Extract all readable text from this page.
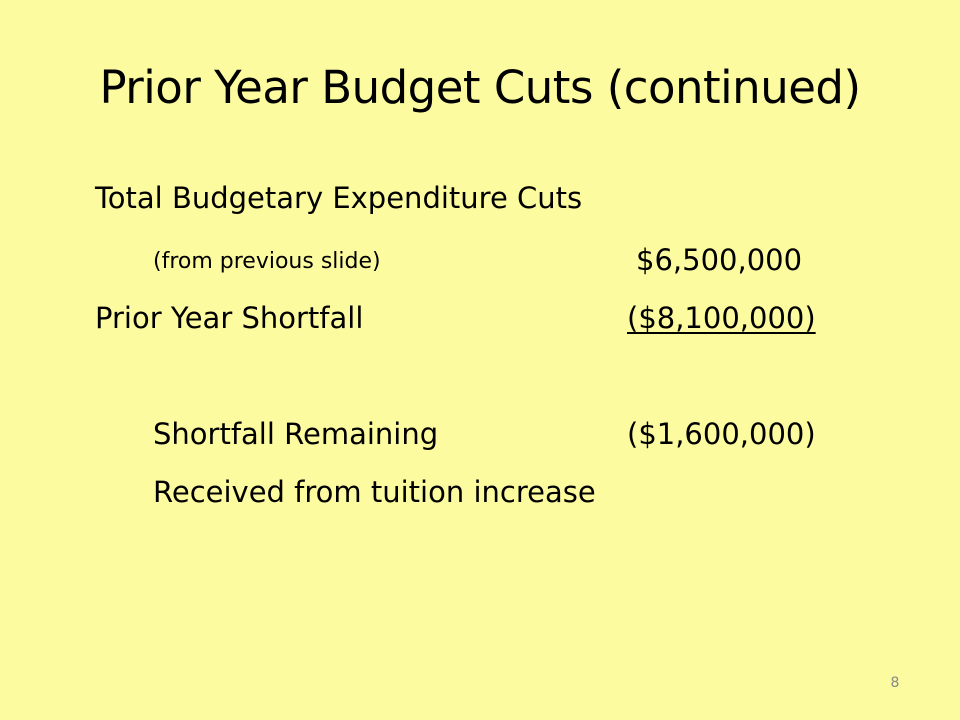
Prior Year Budget Cuts (continued)
Total Budgetary Expenditure Cuts
(from previous slide)	$6,500,000
Prior Year Shortfall	($8,100,000)
Shortfall Remaining	($1,600,000)
Received from tuition increase
8
